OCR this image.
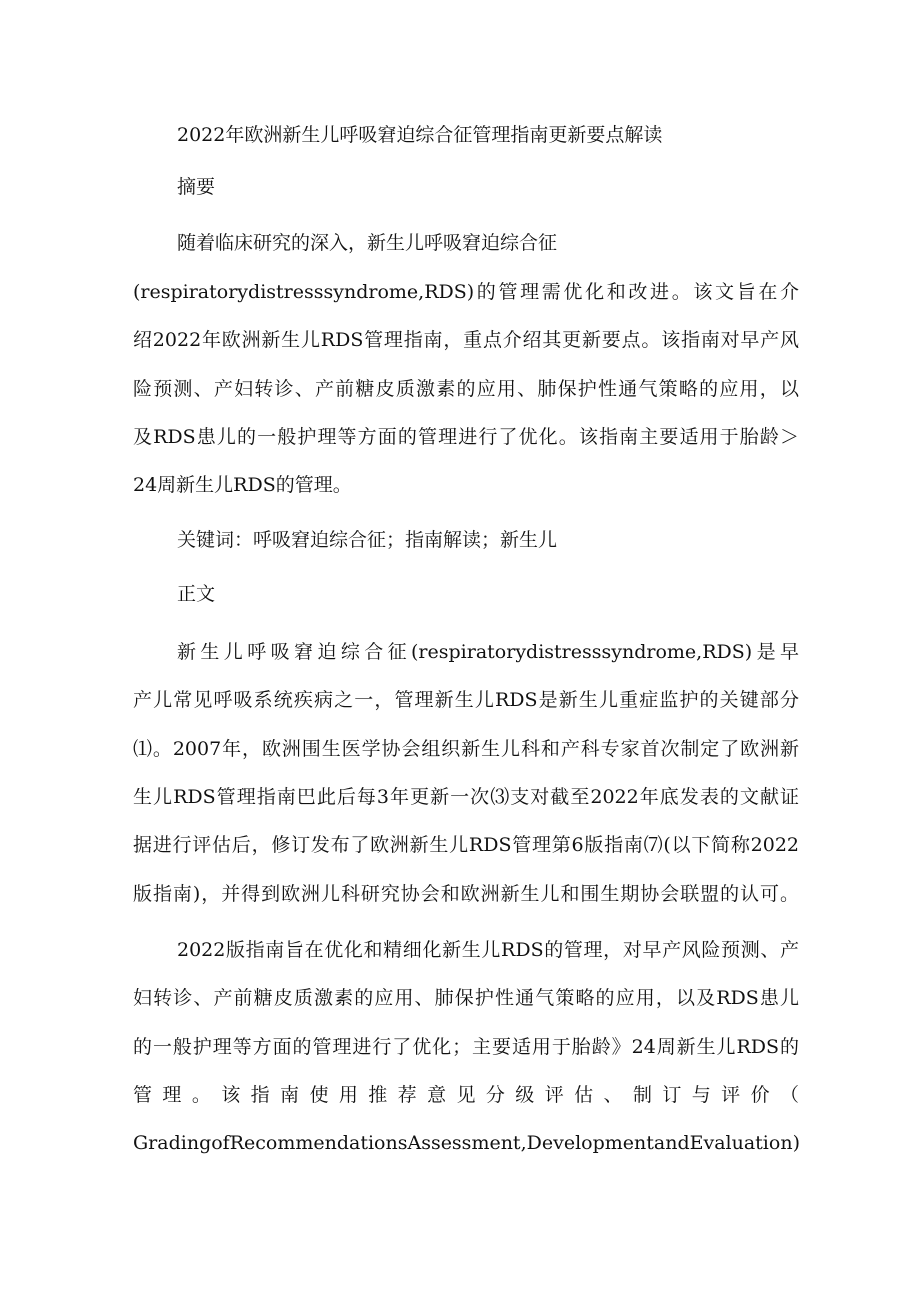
2022年欧洲新生儿呼吸窘迫综合征管理指南更新要点解读
摘要
随着临床研究的深入，新生儿呼吸窘迫综合征
(respiratorydistresssyndrome,RDS)的管理需优化和改进。该文旨在介
绍2022年欧洲新生儿RDS管理指南，重点介绍其更新要点。该指南对早产风
险预测、产妇转诊、产前糖皮质激素的应用、肺保护性通气策略的应用，以
及RDS患儿的一般护理等方面的管理进行了优化。该指南主要适用于胎龄＞
24周新生儿RDS的管理。
关键词：呼吸窘迫综合征；指南解读；新生儿
正文
新生儿呼吸窘迫综合征(respiratorydistresssyndrome,RDS)是早
产儿常见呼吸系统疾病之一，管理新生儿RDS是新生儿重症监护的关键部分
⑴。2007年，欧洲围生医学协会组织新生儿科和产科专家首次制定了欧洲新
生儿RDS管理指南巴此后每3年更新一次⑶支对截至2022年底发表的文献证
据进行评估后，修订发布了欧洲新生儿RDS管理第6版指南⑺(以下简称2022
版指南)，并得到欧洲儿科研究协会和欧洲新生儿和围生期协会联盟的认可。
2022版指南旨在优化和精细化新生儿RDS的管理，对早产风险预测、产
妇转诊、产前糖皮质激素的应用、肺保护性通气策略的应用，以及RDS患儿
的一般护理等方面的管理进行了优化；主要适用于胎龄》24周新生儿RDS的
管理。该指南使用推荐意见分级评估、制订与评价（
GradingofRecommendationsAssessment,DevelopmentandEvaluation)
